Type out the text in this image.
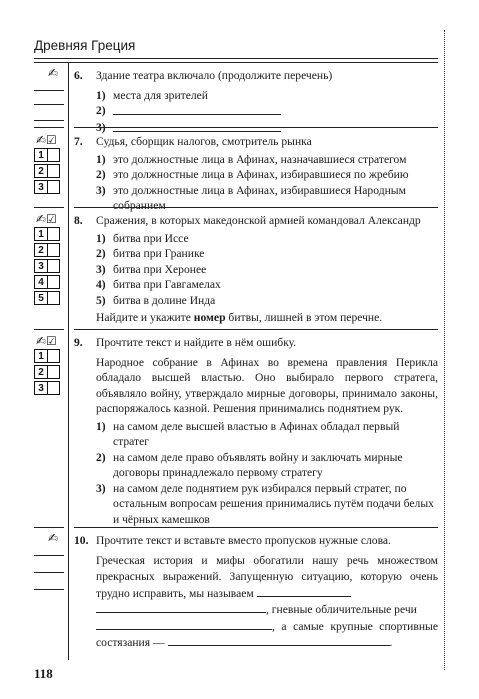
Древняя Греция
✍ 6. Здание театра включало (продолжите перечень)

1) места для зрителей
2)
3)
✍☑
1
2
3
7. Судья, сборщик налогов, смотритель рынка

1) это должностные лица в Афинах, назначавшиеся стратегом
2) это должностные лица в Афинах, избиравшиеся по жребию
3) это должностные лица в Афинах, избиравшиеся Народным собранием
✍☑
1
2
3
4
5
8. Сражения, в которых македонской армией командовал Александр

1) битва при Иссе
2) битва при Гранике
3) битва при Херонее
4) битва при Гавгамелах
5) битва в долине Инда

Найдите и укажите номер битвы, лишней в этом перечне.

✍☑
1
2
3
9. Прочтите текст и найдите в нём ошибку.

Народное собрание в Афинах во времена правления Перикла обладало высшей властью. Оно выбирало первого стратега, объявляло войну, утверждало мирные договоры, принимало законы, распоряжалось казной. Решения принимались поднятием рук.

1) на самом деле высшей властью в Афинах обладал первый стратег
2) на самом деле право объявлять войну и заключать мирные договоры принадлежало первому стратегу
3) на самом деле поднятием рук избирался первый стратег, по остальным вопросам решения принимались путём подачи белых и чёрных камешков
✍ 10. Прочтите текст и вставьте вместо пропусков нужные слова.

Греческая история и мифы обогатили нашу речь множеством прекрасных выражений. Запущенную ситуацию, которую очень трудно исправить, мы называем
, гневные обличительные речи
, а самые крупные спортивные состязания —	.

118
